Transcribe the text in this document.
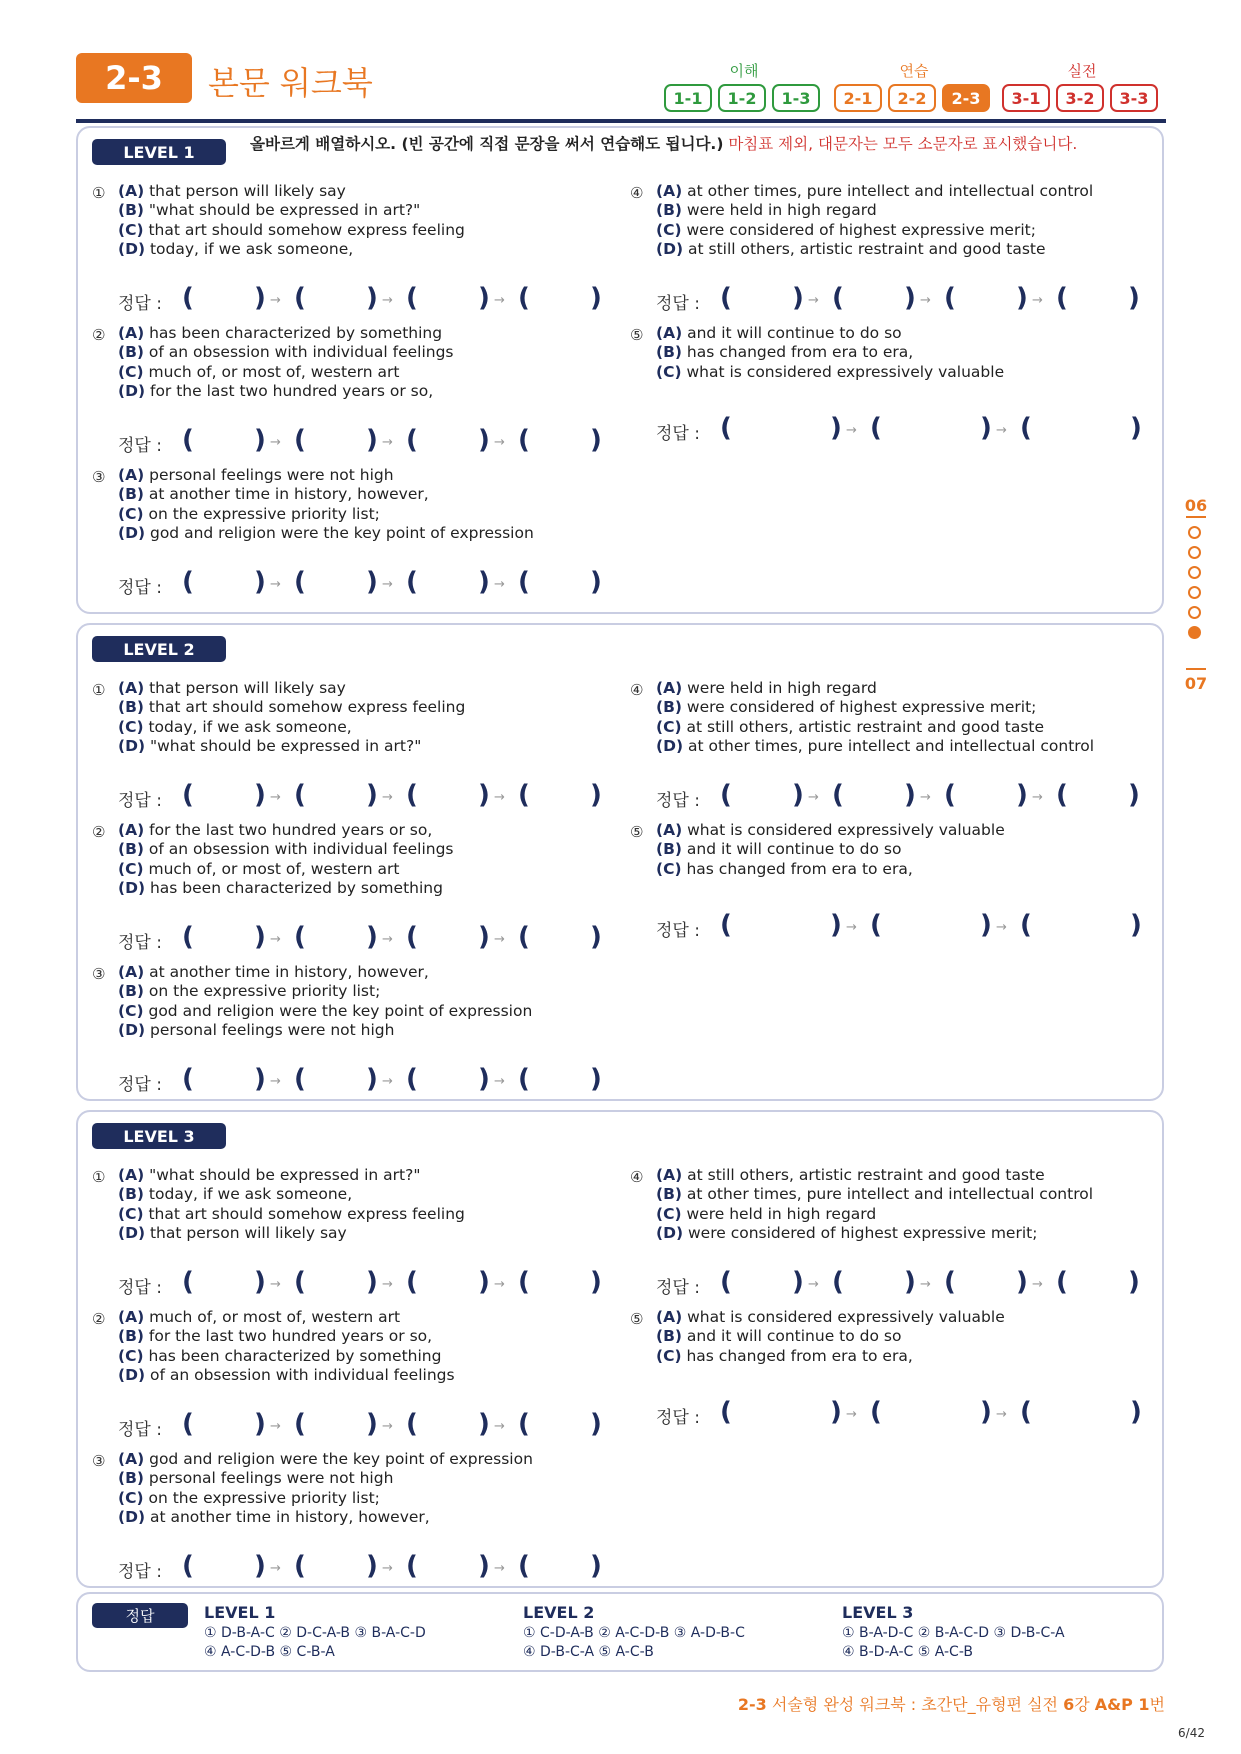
2-3	본문 워크북	이해
1-1	1-2	1-3
연습
2-1	2-2	2-3
실전
3-1	3-2	3-3
06
07
올바르게 배열하시오. (빈 공간에 직접 문장을 써서 연습해도 됩니다.) 마침표 제외, 대문자는 모두 소문자로 표시했습니다.
LEVEL 1
① (A) that person will likely say
(B) "what should be expressed in art?"
(C) that art should somehow express feeling
(D) today, if we ask someone,
정답 : ( ) → ( ) → ( ) → ( )
② (A) has been characterized by something
(B) of an obsession with individual feelings
(C) much of, or most of, western art
(D) for the last two hundred years or so,
정답 : ( ) → ( ) → ( ) → ( )
③ (A) personal feelings were not high
(B) at another time in history, however,
(C) on the expressive priority list;
(D) god and religion were the key point of expression
정답 : ( ) → ( ) → ( ) → ( )
④ (A) at other times, pure intellect and intellectual control
(B) were held in high regard
(C) were considered of highest expressive merit;
(D) at still others, artistic restraint and good taste
정답 : ( ) → ( ) → ( ) → ( )
⑤ (A) and it will continue to do so
(B) has changed from era to era,
(C) what is considered expressively valuable
정답 : (	) → (	) → (	)
LEVEL 2
① (A) that person will likely say
(B) that art should somehow express feeling
(C) today, if we ask someone,
(D) "what should be expressed in art?"
정답 : ( ) → ( ) → ( ) → ( )
② (A) for the last two hundred years or so,
(B) of an obsession with individual feelings
(C) much of, or most of, western art
(D) has been characterized by something
정답 : ( ) → ( ) → ( ) → ( )
③ (A) at another time in history, however,
(B) on the expressive priority list;
(C) god and religion were the key point of expression
(D) personal feelings were not high
정답 : ( ) → ( ) → ( ) → ( )
④ (A) were held in high regard
(B) were considered of highest expressive merit;
(C) at still others, artistic restraint and good taste
(D) at other times, pure intellect and intellectual control
정답 : ( ) → ( ) → ( ) → ( )
⑤ (A) what is considered expressively valuable
(B) and it will continue to do so
(C) has changed from era to era,
정답 : (	) → (	) → (	)
LEVEL 3
① (A) "what should be expressed in art?"
(B) today, if we ask someone,
(C) that art should somehow express feeling
(D) that person will likely say
정답 : ( ) → ( ) → ( ) → ( )
② (A) much of, or most of, western art
(B) for the last two hundred years or so,
(C) has been characterized by something
(D) of an obsession with individual feelings
정답 : ( ) → ( ) → ( ) → ( )
③ (A) god and religion were the key point of expression
(B) personal feelings were not high
(C) on the expressive priority list;
(D) at another time in history, however,
정답 : ( ) → ( ) → ( ) → ( )
④ (A) at still others, artistic restraint and good taste
(B) at other times, pure intellect and intellectual control
(C) were held in high regard
(D) were considered of highest expressive merit;
정답 : ( ) → ( ) → ( ) → ( )
⑤ (A) what is considered expressively valuable
(B) and it will continue to do so
(C) has changed from era to era,
정답 : (	) → (	) → (	)
정답	LEVEL 1
① D-B-A-C ② D-C-A-B ③ B-A-C-D
④ A-C-D-B ⑤ C-B-A
LEVEL 2
① C-D-A-B ② A-C-D-B ③ A-D-B-C
④ D-B-C-A ⑤ A-C-B
LEVEL 3
① B-A-D-C ② B-A-C-D ③ D-B-C-A
④ B-D-A-C ⑤ A-C-B
2-3 서술형 완성 워크북 : 초간단_유형편 실전 6강 A&P 1번
6/42
